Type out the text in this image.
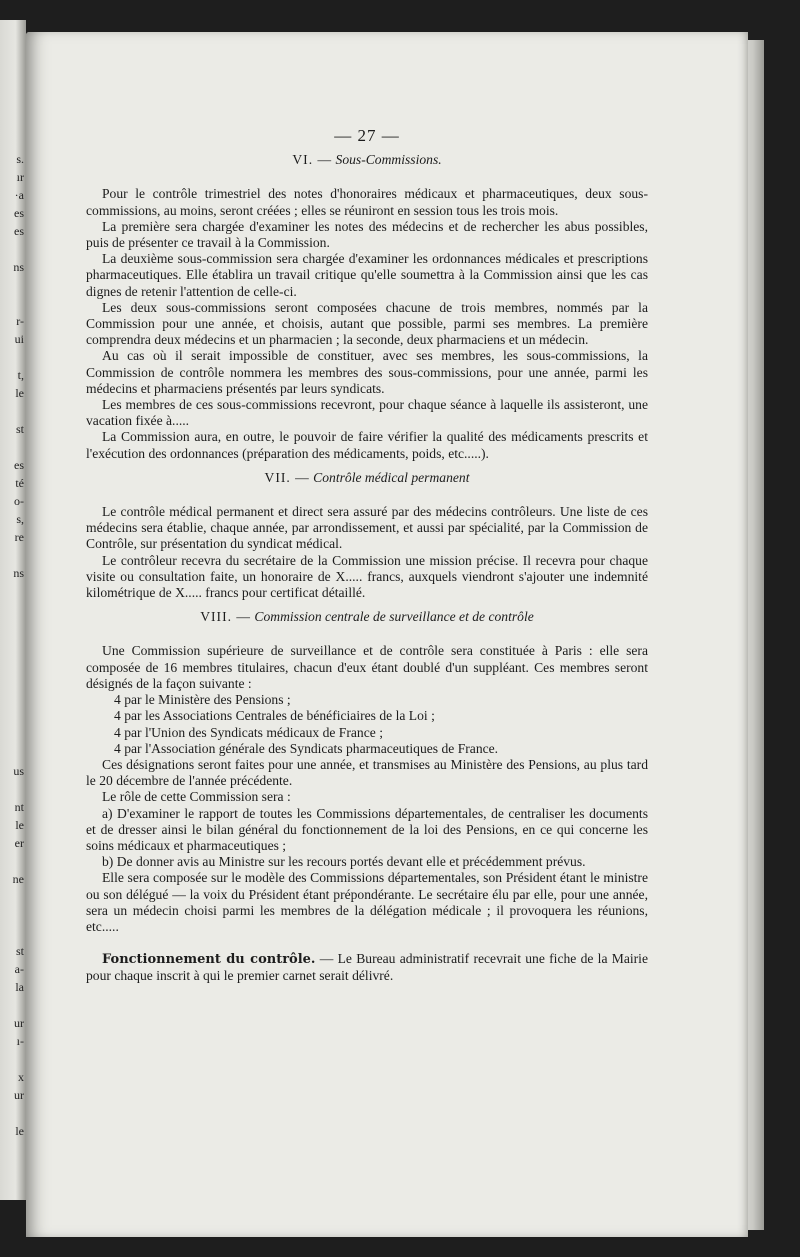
s.
ır
·a
es
es

ns

r-
ui

t,
le

st

es
té
o-
s,
re

ns

us

nt
le
er

ne

st
a-
la

ur
ı-

x
ur

le
— 27 —
VI. — Sous-Commissions.

Pour le contrôle trimestriel des notes d'honoraires médicaux et pharmaceutiques, deux sous-commissions, au moins, seront créées ; elles se réuniront en session tous les trois mois.

La première sera chargée d'examiner les notes des médecins et de rechercher les abus possibles, puis de présenter ce travail à la Commission.

La deuxième sous-commission sera chargée d'examiner les ordonnances médicales et prescriptions pharmaceutiques. Elle établira un travail critique qu'elle soumettra à la Commission ainsi que les cas dignes de retenir l'attention de celle-ci.

Les deux sous-commissions seront composées chacune de trois membres, nommés par la Commission pour une année, et choisis, autant que possible, parmi ses membres. La première comprendra deux médecins et un pharmacien ; la seconde, deux pharmaciens et un médecin.

Au cas où il serait impossible de constituer, avec ses membres, les sous-commissions, la Commission de contrôle nommera les membres des sous-commissions, pour une année, parmi les médecins et pharmaciens présentés par leurs syndicats.

Les membres de ces sous-commissions recevront, pour chaque séance à laquelle ils assisteront, une vacation fixée à.....

La Commission aura, en outre, le pouvoir de faire vérifier la qualité des médicaments prescrits et l'exécution des ordonnances (préparation des médicaments, poids, etc.....).

VII. — Contrôle médical permanent

Le contrôle médical permanent et direct sera assuré par des médecins contrôleurs. Une liste de ces médecins sera établie, chaque année, par arrondissement, et aussi par spécialité, par la Commission de Contrôle, sur présentation du syndicat médical.

Le contrôleur recevra du secrétaire de la Commission une mission précise. Il recevra pour chaque visite ou consultation faite, un honoraire de X..... francs, auxquels viendront s'ajouter une indemnité kilométrique de X..... francs pour certificat détaillé.

VIII. — Commission centrale de surveillance et de contrôle

Une Commission supérieure de surveillance et de contrôle sera constituée à Paris : elle sera composée de 16 membres titulaires, chacun d'eux étant doublé d'un suppléant. Ces membres seront désignés de la façon suivante :

4 par le Ministère des Pensions ;
4 par les Associations Centrales de bénéficiaires de la Loi ;
4 par l'Union des Syndicats médicaux de France ;
4 par l'Association générale des Syndicats pharmaceutiques de France.

Ces désignations seront faites pour une année, et transmises au Ministère des Pensions, au plus tard le 20 décembre de l'année précédente.

Le rôle de cette Commission sera :

a) D'examiner le rapport de toutes les Commissions départementales, de centraliser les documents et de dresser ainsi le bilan général du fonctionnement de la loi des Pensions, en ce qui concerne les soins médicaux et pharmaceutiques ;

b) De donner avis au Ministre sur les recours portés devant elle et précédemment prévus.

Elle sera composée sur le modèle des Commissions départementales, son Président étant le ministre ou son délégué — la voix du Président étant prépondérante. Le secrétaire élu par elle, pour une année, sera un médecin choisi parmi les membres de la délégation médicale ; il provoquera les réunions, etc.....

Fonctionnement du contrôle. — Le Bureau administratif recevrait une fiche de la Mairie pour chaque inscrit à qui le premier carnet serait délivré.
